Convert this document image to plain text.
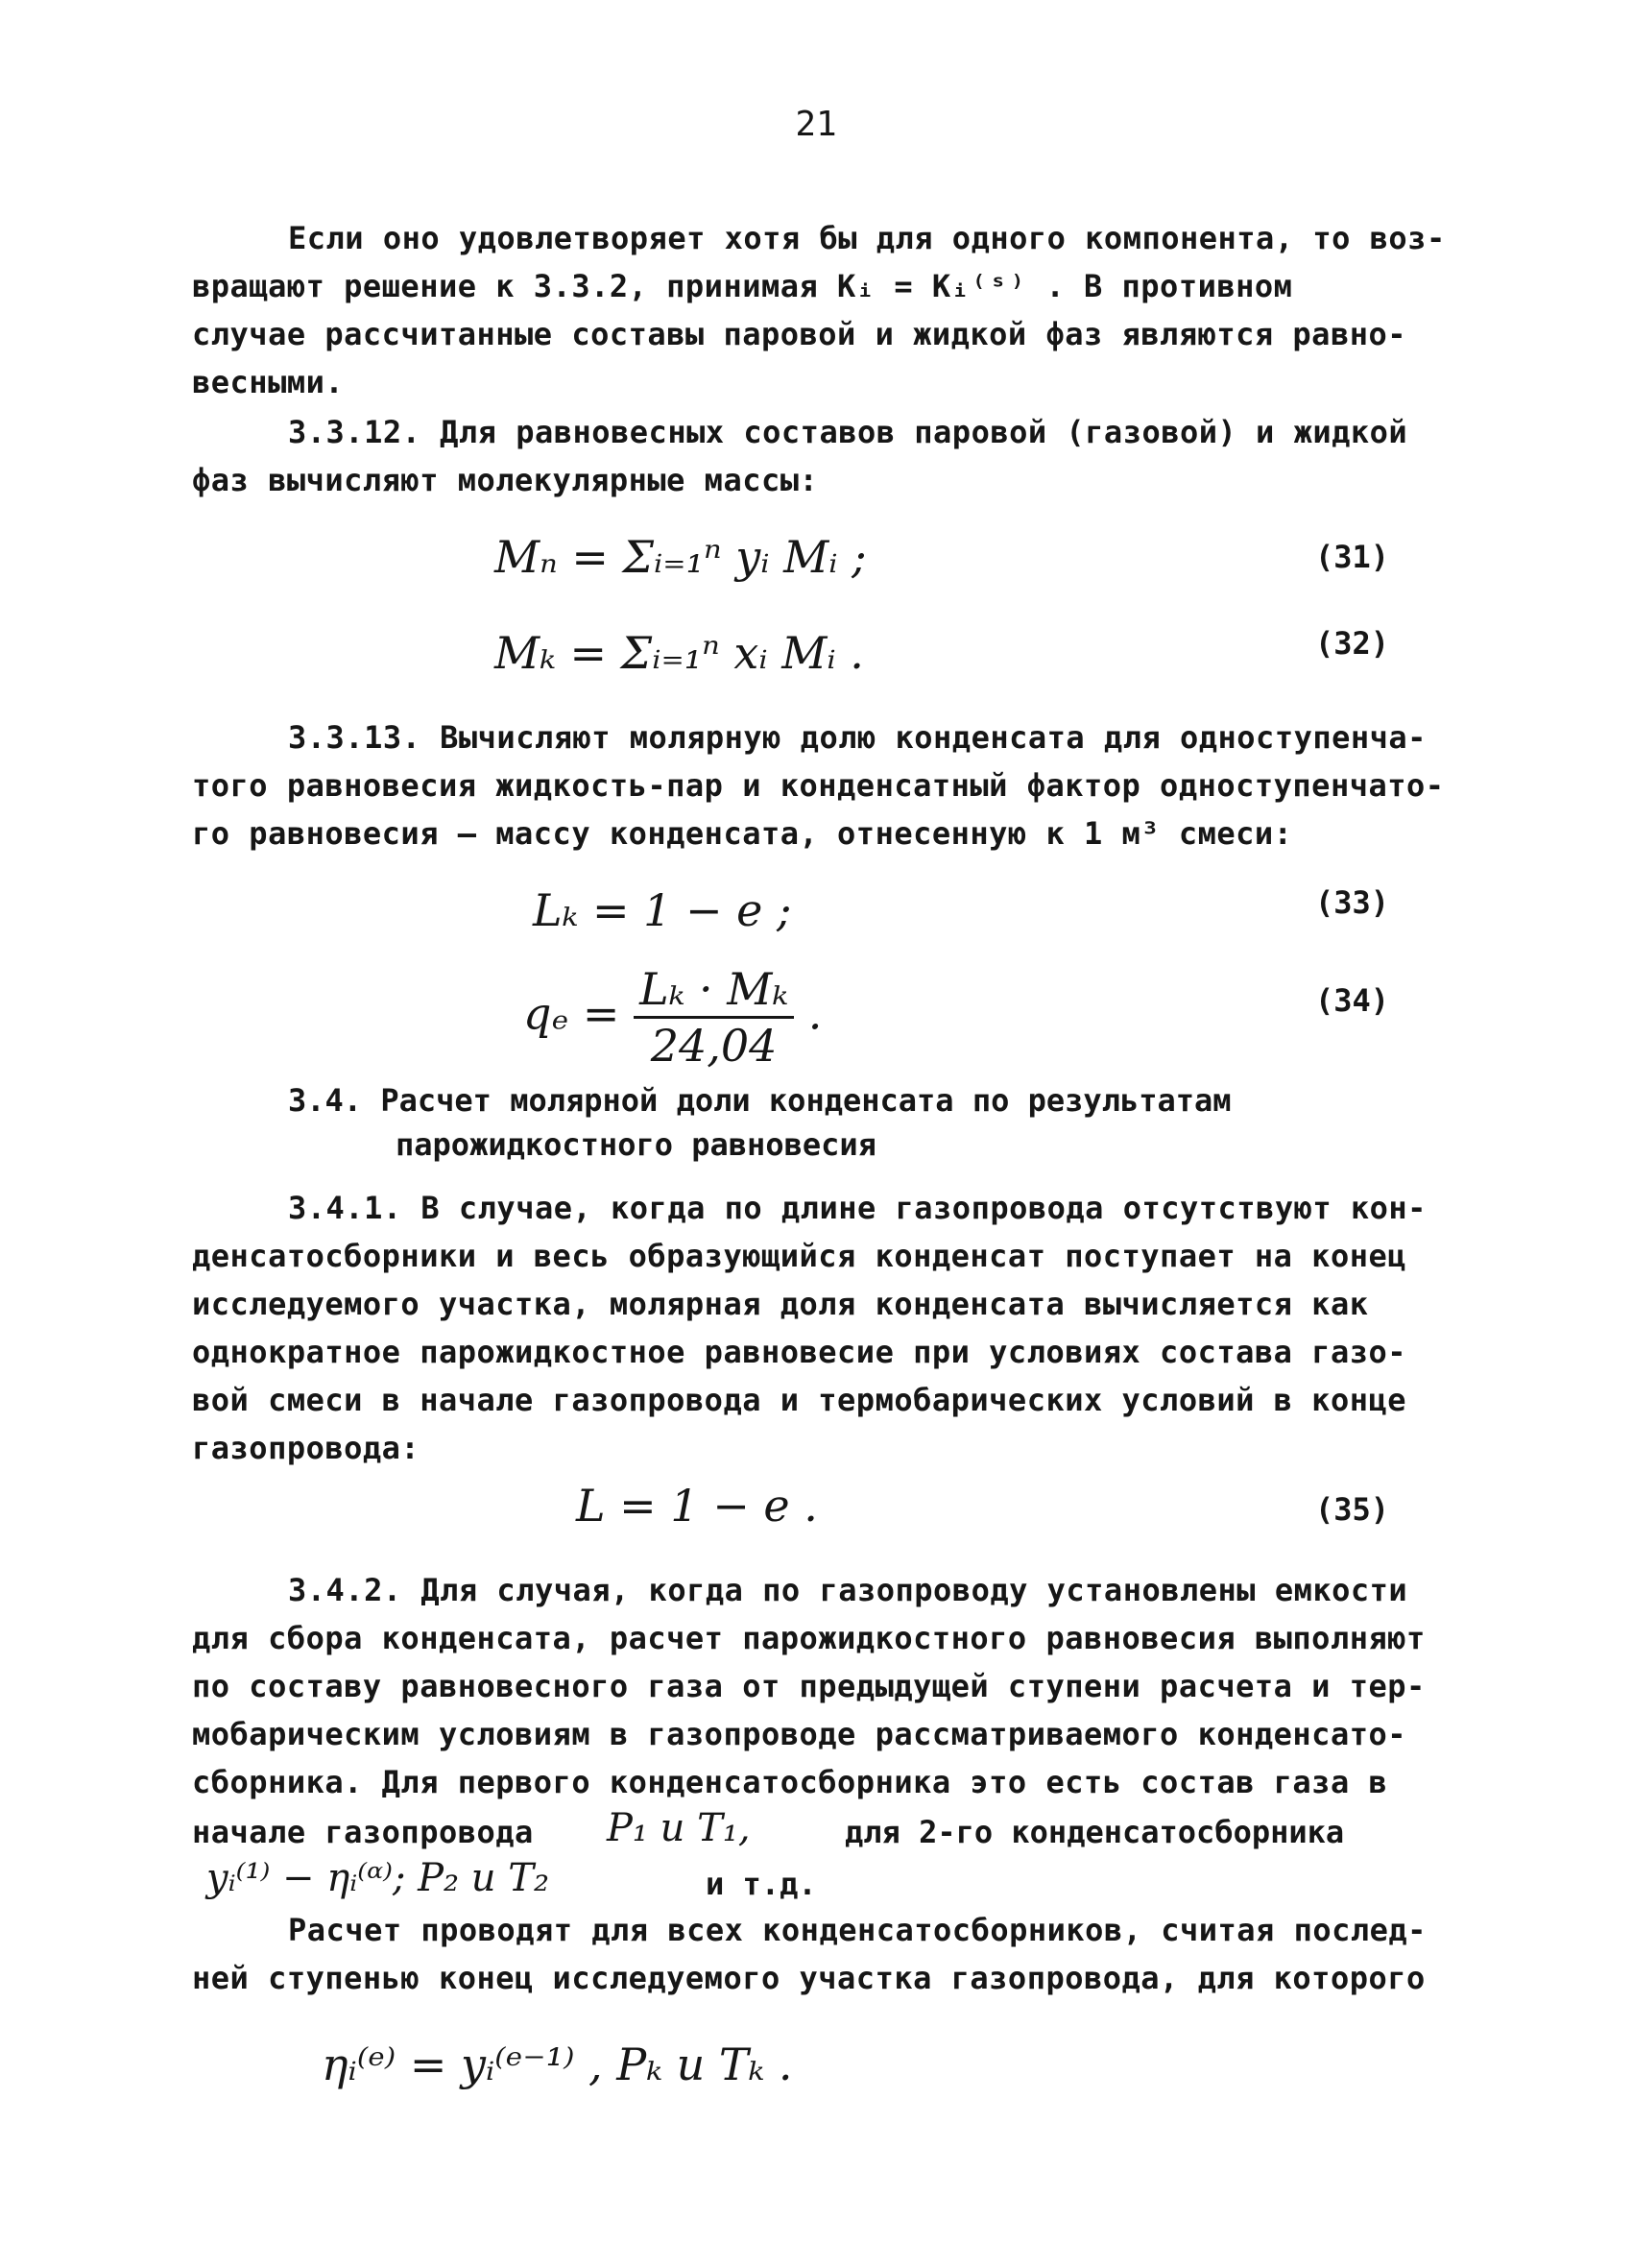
21
Если оно удовлетворяет хотя бы для одного компонента, то воз-
вращают решение к 3.3.2, принимая Kᵢ = Kᵢ⁽ˢ⁾ . В противном
случае рассчитанные составы паровой и жидкой фаз являются равно-
весными.
3.3.12. Для равновесных составов паровой (газовой) и жидкой
фаз вычисляют молекулярные массы:
Mₙ = Σᵢ₌₁ⁿ yᵢ Mᵢ ;	(31)
Mₖ = Σᵢ₌₁ⁿ xᵢ Mᵢ .	(32)
3.3.13. Вычисляют молярную долю конденсата для одноступенча-
того равновесия жидкость-пар и конденсатный фактор одноступенчато-
го равновесия – массу конденсата, отнесенную к 1 м³ смеси:
Lₖ = 1 − e ;	(33)
$q_e = \frac{\text{Lₖ · Mₖ}}{24,04}$ .	(34)
3.4. Расчет молярной доли конденсата по результатам
парожидкостного равновесия
3.4.1. В случае, когда по длине газопровода отсутствуют кон-
денсатосборники и весь образующийся конденсат поступает на конец
исследуемого участка, молярная доля конденсата вычисляется как
однократное парожидкостное равновесие при условиях состава газо-
вой смеси в начале газопровода и термобарических условий в конце
газопровода:
L = 1 − e .	(35)
3.4.2. Для случая, когда по газопроводу установлены емкости
для сбора конденсата, расчет парожидкостного равновесия выполняют
по составу равновесного газа от предыдущей ступени расчета и тер-
мобарическим условиям в газопроводе рассматриваемого конденсато-
сборника. Для первого конденсатосборника это есть состав газа в
начале газопровода	P₁ и T₁,	для 2-го конденсатосборника
yᵢ⁽¹⁾ − ηᵢ⁽ᵅ⁾; P₂ и T₂	и т.д.
Расчет проводят для всех конденсатосборников, считая послед-
ней ступенью конец исследуемого участка газопровода, для которого
ηᵢ⁽ᵉ⁾ = yᵢ⁽ᵉ⁻¹⁾ , Pₖ и Tₖ .
